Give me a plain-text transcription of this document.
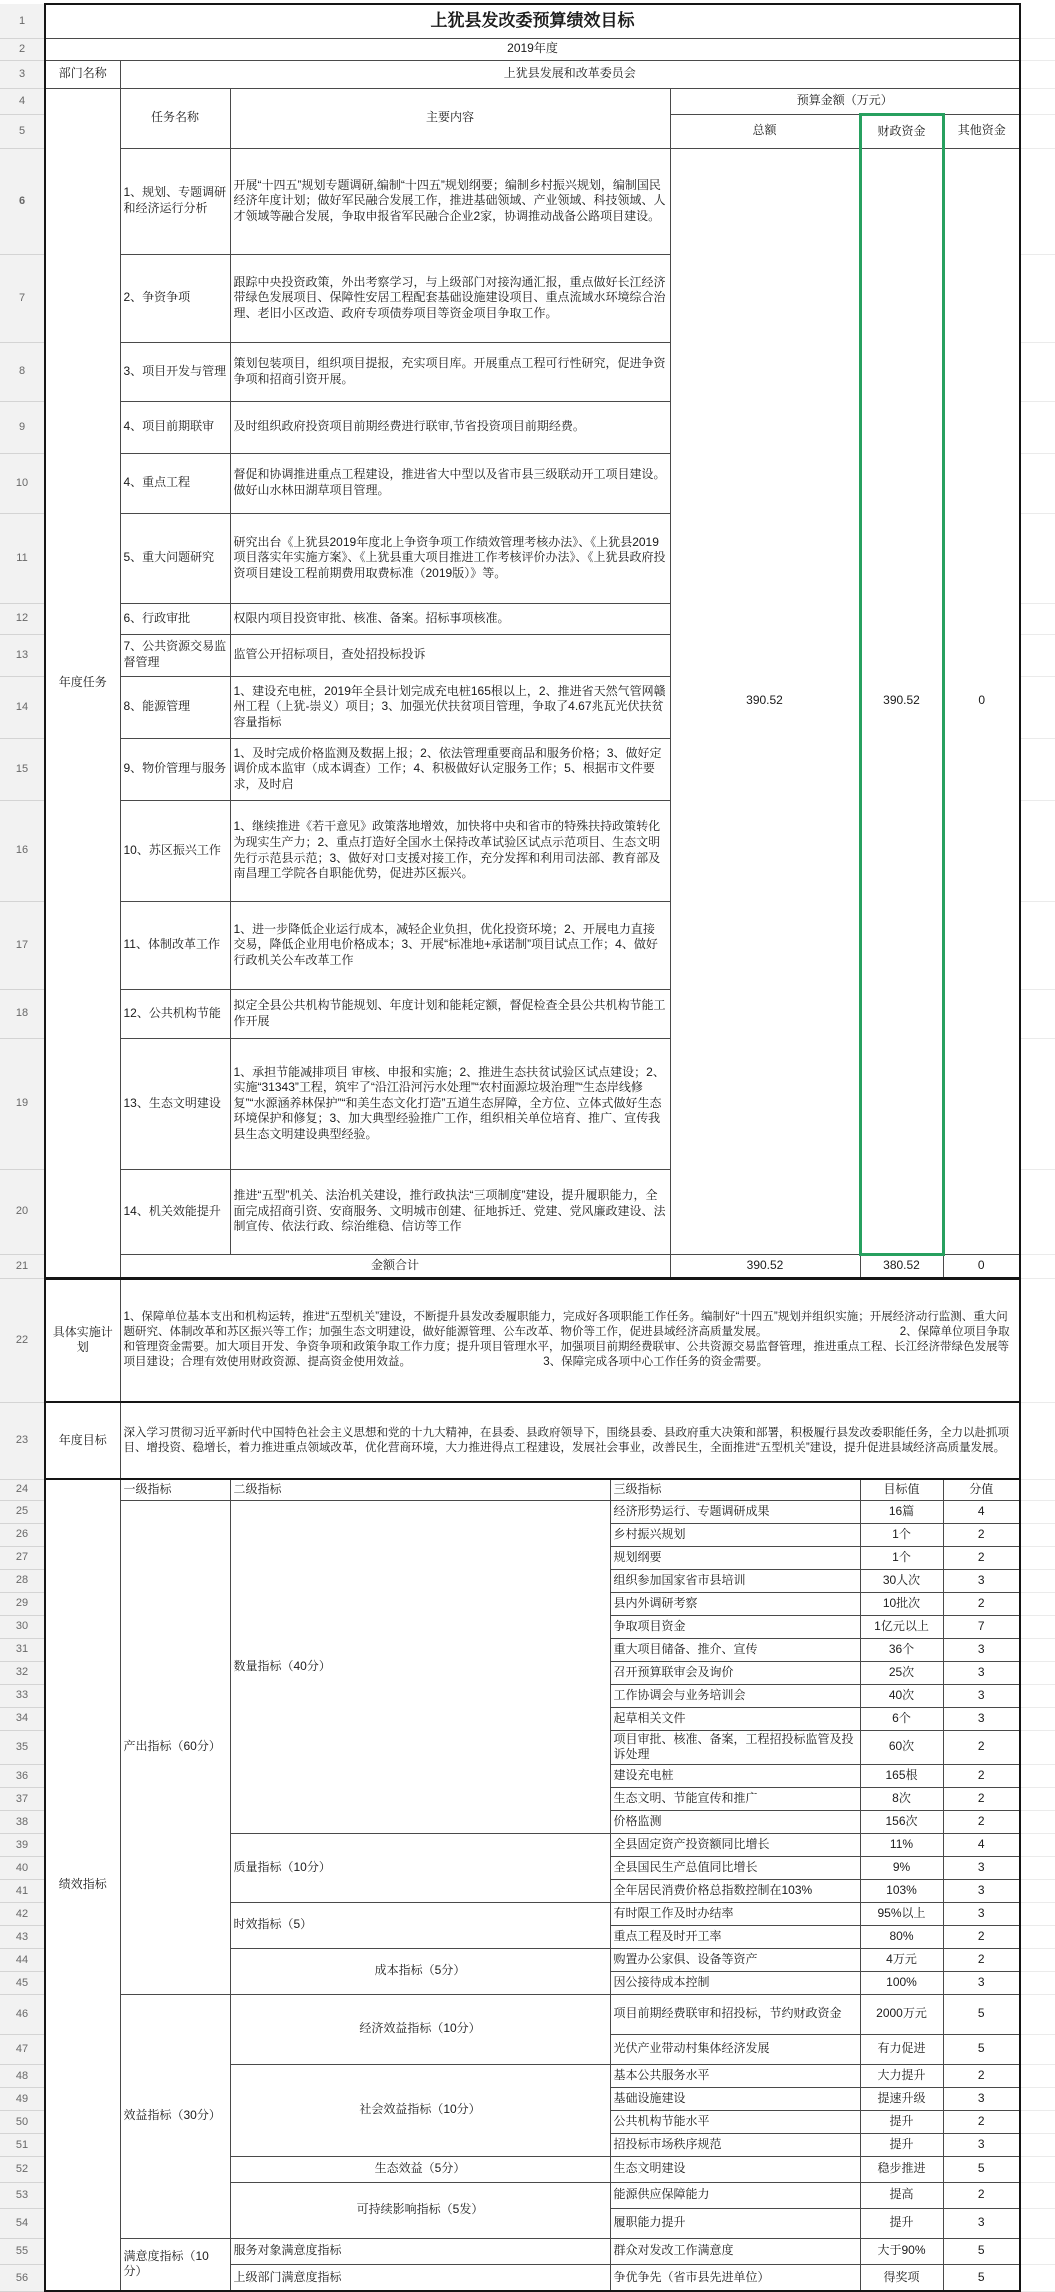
1	上犹县发改委预算绩效目标							
2	2019年度							
3	部门名称	上犹县发展和改革委员会						
4	年度任务	任务名称	主要内容		预算金额（万元）			
5					总额	财政资金	其他资金	
6		1、规划、专题调研和经济运行分析	开展“十四五”规划专题调研,编制“十四五”规划纲要；编制乡村振兴规划，编制国民经济年度计划；做好军民融合发展工作，推进基础领域、产业领域、科技领域、人才领域等融合发展，争取申报省军民融合企业2家，协调推动战备公路项目建设。		390.52	390.52	0	
7		2、争资争项	跟踪中央投资政策，外出考察学习，与上级部门对接沟通汇报，重点做好长江经济带绿色发展项目、保障性安居工程配套基础设施建设项目、重点流域水环境综合治理、老旧小区改造、政府专项债券项目等资金项目争取工作。					
8		3、项目开发与管理	策划包装项目，组织项目提报，充实项目库。开展重点工程可行性研究，促进争资争项和招商引资开展。					
9		4、项目前期联审	及时组织政府投资项目前期经费进行联审,节省投资项目前期经费。					
10		4、重点工程	督促和协调推进重点工程建设，推进省大中型以及省市县三级联动开工项目建设。做好山水林田湖草项目管理。					
11		5、重大问题研究	研究出台《上犹县2019年度北上争资争项工作绩效管理考核办法》、《上犹县2019项目落实年实施方案》、《上犹县重大项目推进工作考核评价办法》、《上犹县政府投资项目建设工程前期费用取费标准（2019版）》等。					
12		6、行政审批	权限内项目投资审批、核准、备案。招标事项核准。					
13		7、公共资源交易监督管理	监管公开招标项目，查处招投标投诉					
14		8、能源管理	1、建设充电桩，2019年全县计划完成充电桩165根以上，2、推进省天然气管网赣州工程（上犹-崇义）项目；3、加强光伏扶贫项目管理，争取了4.67兆瓦光伏扶贫容量指标					
15		9、物价管理与服务	1、及时完成价格监测及数据上报；2、依法管理重要商品和服务价格；3、做好定调价成本监审（成本调查）工作；4、积极做好认定服务工作；5、根据市文件要求，及时启					
16		10、苏区振兴工作	1、继续推进《若干意见》政策落地增效，加快将中央和省市的特殊扶持政策转化为现实生产力；2、重点打造好全国水土保持改革试验区试点示范项目、生态文明先行示范县示范；3、做好对口支援对接工作，充分发挥和利用司法部、教育部及南昌理工学院各自职能优势，促进苏区振兴。					
17		11、体制改革工作	1、进一步降低企业运行成本，减轻企业负担，优化投资环境；2、开展电力直接交易，降低企业用电价格成本；3、开展“标准地+承诺制”项目试点工作；4、做好行政机关公车改革工作					
18		12、公共机构节能	拟定全县公共机构节能规划、年度计划和能耗定额，督促检查全县公共机构节能工作开展					
19		13、生态文明建设	1、承担节能减排项目 审核、申报和实施；2、推进生态扶贫试验区试点建设；2、实施“31343”工程，筑牢了“沿江沿河污水处理”“农村面源垃圾治理”“生态岸线修复”“水源涵养林保护”“和美生态文化打造”五道生态屏障，全方位、立体式做好生态环境保护和修复；3、加大典型经验推广工作，组织相关单位培育、推广、宣传我县生态文明建设典型经验。					
20		14、机关效能提升	推进“五型”机关、法治机关建设，推行政执法“三项制度”建设，提升履职能力，全面完成招商引资、安商服务、文明城市创建、征地拆迁、党建、党风廉政建设、法制宣传、依法行政、综治维稳、信访等工作					
21		金额合计			390.52	380.52	0	
22	具体实施计划	1、保障单位基本支出和机构运转，推进“五型机关”建设，不断提升县发改委履职能力，完成好各项职能工作任务。编制好“十四五”规划并组织实施；开展经济动行监测、重大问题研究、体制改革和苏区振兴等工作；加强生态文明建设，做好能源管理、公车改革、物价等工作，促进县域经济高质量发展。　　　　　　　　　　　　2、保障单位项目争取和管理资金需要。加大项目开发、争资争项和政策争取工作力度；提升项目管理水平，加强项目前期经费联审、公共资源交易监督管理，推进重点工程、长江经济带绿色发展等项目建设；合理有效使用财政资源、提高资金使用效益。　　　　　　　　　　　　3、保障完成各项中心工作任务的资金需要。						
23	年度目标	深入学习贯彻习近平新时代中国特色社会主义思想和党的十九大精神，在县委、县政府领导下，围绕县委、县政府重大决策和部署，积极履行县发改委职能任务，全力以赴抓项目、增投资、稳增长，着力推进重点领域改革，优化营商环境，大力推进得点工程建设，发展社会事业，改善民生，全面推进“五型机关”建设，提升促进县域经济高质量发展。						
24	绩效指标	一级指标	二级指标	三级指标		目标值	分值	
25		产出指标（60分）	数量指标（40分）	经济形势运行、专题调研成果		16篇	4	
26				乡村振兴规划		1个	2	
27				规划纲要		1个	2	
28				组织参加国家省市县培训		30人次	3	
29				县内外调研考察		10批次	2	
30				争取项目资金		1亿元以上	7	
31				重大项目储备、推介、宣传		36个	3	
32				召开预算联审会及询价		25次	3	
33				工作协调会与业务培训会		40次	3	
34				起草相关文件		6个	3	
35				项目审批、核准、备案，工程招投标监管及投诉处理		60次	2	
36				建设充电桩		165根	2	
37				生态文明、节能宣传和推广		8次	2	
38				价格监测		156次	2	
39			质量指标（10分）	全县固定资产投资额同比增长		11%	4	
40				全县国民生产总值同比增长		9%	3	
41				全年居民消费价格总指数控制在103%		103%	3	
42			时效指标（5）	有时限工作及时办结率		95%以上	3	
43				重点工程及时开工率		80%	2	
44			成本指标（5分）	购置办公家俱、设备等资产		4万元	2	
45				因公接待成本控制		100%	3	
46		效益指标（30分）	经济效益指标（10分）	项目前期经费联审和招投标，节约财政资金		2000万元	5	
47				光伏产业带动村集体经济发展		有力促进	5	
48			社会效益指标（10分）	基本公共服务水平		大力提升	2	
49				基础设施建设		提速升级	3	
50				公共机构节能水平		提升	2	
51				招投标市场秩序规范		提升	3	
52			生态效益（5分）	生态文明建设		稳步推进	5	
53			可持续影响指标（5发）	能源供应保障能力		提高	2	
54				履职能力提升		提升	3	
55		满意度指标（10分）	服务对象满意度指标	群众对发改工作满意度		大于90%	5	
56			上级部门满意度指标	争优争先（省市县先进单位）		得奖项	5	
